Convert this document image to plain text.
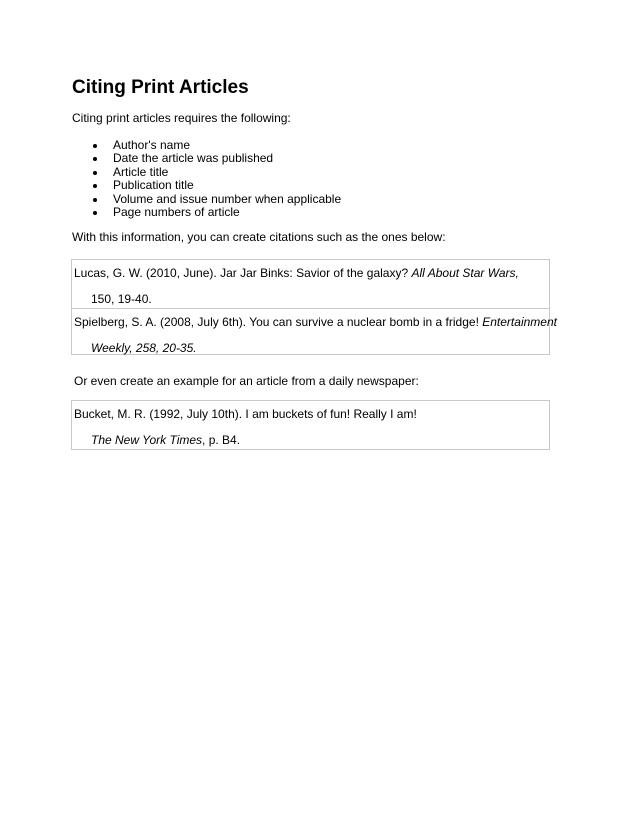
Citing Print Articles
Citing print articles requires the following:
Author's name
Date the article was published
Article title
Publication title
Volume and issue number when applicable
Page numbers of article
With this information, you can create citations such as the ones below:
Lucas, G. W. (2010, June). Jar Jar Binks: Savior of the galaxy? All About Star Wars,
150, 19-40.
Spielberg, S. A. (2008, July 6th). You can survive a nuclear bomb in a fridge! Entertainment
Weekly, 258, 20-35.
Or even create an example for an article from a daily newspaper:
Bucket, M. R. (1992, July 10th). I am buckets of fun! Really I am!
The New York Times, p. B4.
